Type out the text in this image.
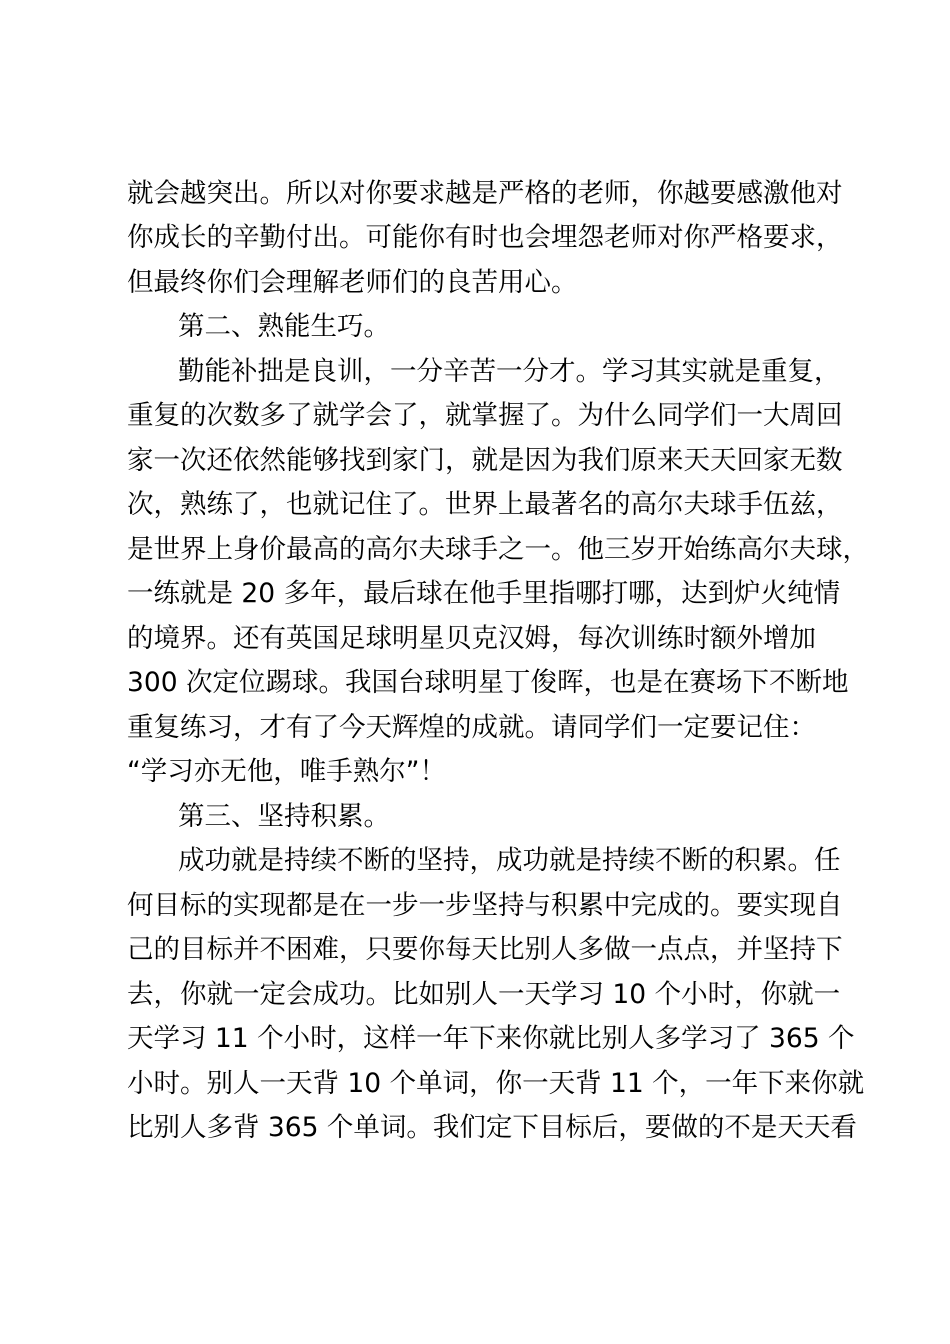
就会越突出。所以对你要求越是严格的老师，你越要感激他对
你成长的辛勤付出。可能你有时也会埋怨老师对你严格要求，
但最终你们会理解老师们的良苦用心。
第二、熟能生巧。
勤能补拙是良训，一分辛苦一分才。学习其实就是重复，
重复的次数多了就学会了，就掌握了。为什么同学们一大周回
家一次还依然能够找到家门，就是因为我们原来天天回家无数
次，熟练了，也就记住了。世界上最著名的高尔夫球手伍兹，
是世界上身价最高的高尔夫球手之一。他三岁开始练高尔夫球，
一练就是 20 多年，最后球在他手里指哪打哪，达到炉火纯情
的境界。还有英国足球明星贝克汉姆，每次训练时额外增加
300 次定位踢球。我国台球明星丁俊晖，也是在赛场下不断地
重复练习，才有了今天辉煌的成就。请同学们一定要记住：
“学习亦无他，唯手熟尔”！
第三、坚持积累。
成功就是持续不断的坚持，成功就是持续不断的积累。任
何目标的实现都是在一步一步坚持与积累中完成的。要实现自
己的目标并不困难，只要你每天比别人多做一点点，并坚持下
去，你就一定会成功。比如别人一天学习 10 个小时，你就一
天学习 11 个小时，这样一年下来你就比别人多学习了 365 个
小时。别人一天背 10 个单词，你一天背 11 个，一年下来你就
比别人多背 365 个单词。我们定下目标后，要做的不是天天看
